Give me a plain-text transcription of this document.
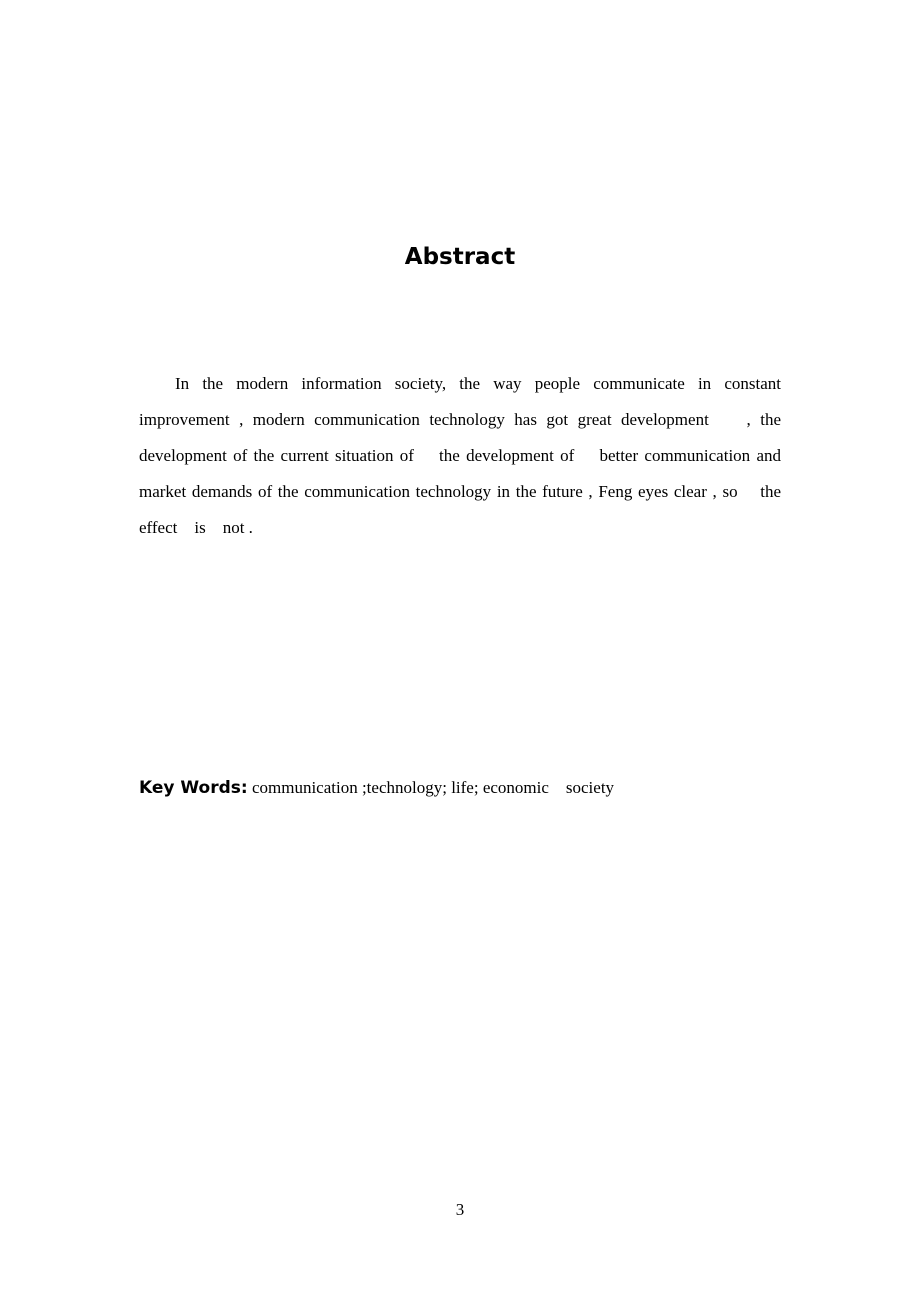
Abstract

In the modern information society, the way people communicate in constant improvement , modern communication technology has got great development    , the development of the current situation of    the development of    better communication and market demands of the communication technology in the future , Feng eyes clear , so    the    effect    is    not .

Key Words: communication ;technology; life; economic    society

3
